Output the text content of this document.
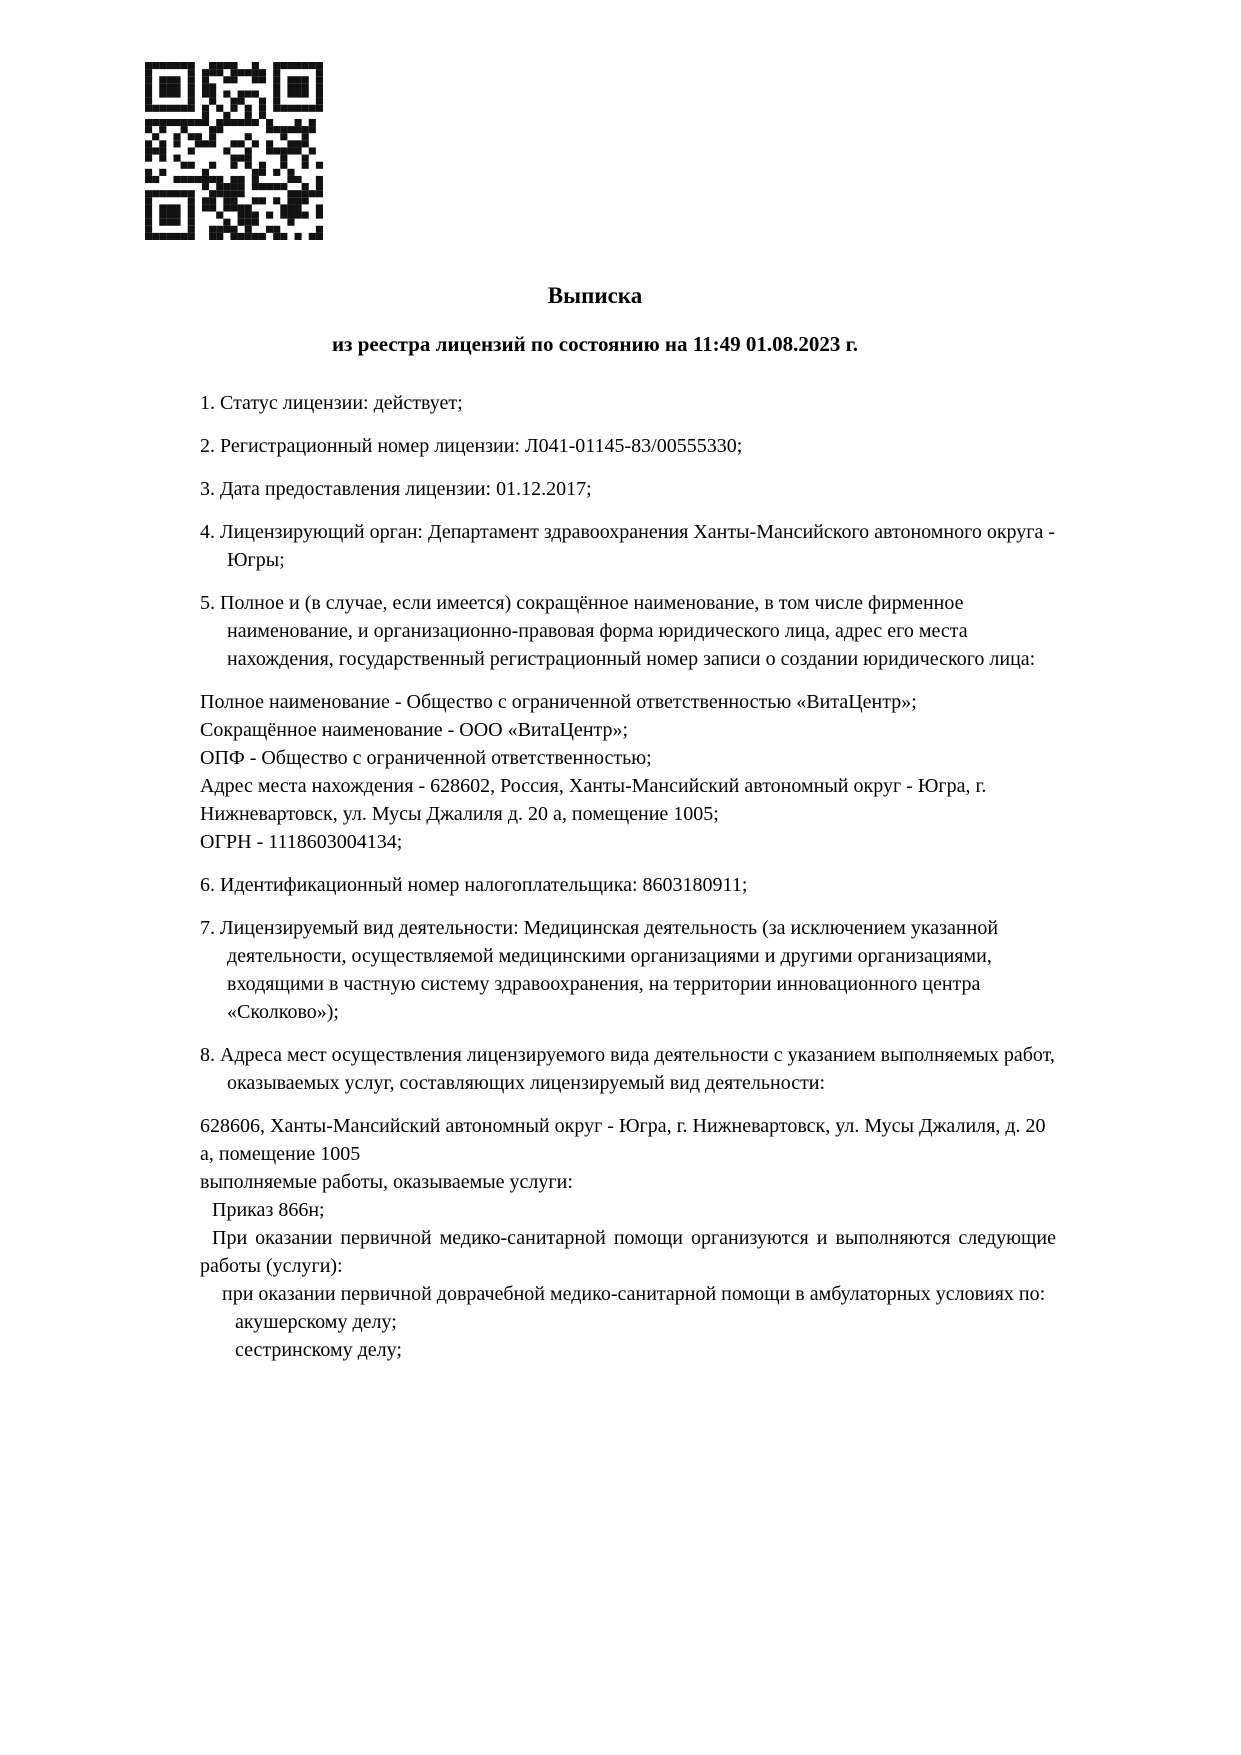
Выписка
из реестра лицензий по состоянию на 11:49 01.08.2023 г.
1. Статус лицензии: действует;
2. Регистрационный номер лицензии: Л041-01145-83/00555330;
3. Дата предоставления лицензии: 01.12.2017;
4. Лицензирующий орган: Департамент здравоохранения Ханты-Мансийского автономного округа - Югры;
5. Полное и (в случае, если имеется) сокращённое наименование, в том числе фирменное наименование, и организационно-правовая форма юридического лица, адрес его места нахождения, государственный регистрационный номер записи о создании юридического лица:
Полное наименование - Общество с ограниченной ответственностью «ВитаЦентр»;
Сокращённое наименование - ООО «ВитаЦентр»;
ОПФ - Общество с ограниченной ответственностью;
Адрес места нахождения - 628602, Россия, Ханты-Мансийский автономный округ - Югра, г. Нижневартовск, ул. Мусы Джалиля д. 20 а, помещение 1005;
ОГРН - 1118603004134;
6. Идентификационный номер налогоплательщика: 8603180911;
7. Лицензируемый вид деятельности: Медицинская деятельность (за исключением указанной деятельности, осуществляемой медицинскими организациями и другими организациями, входящими в частную систему здравоохранения, на территории инновационного центра «Сколково»);
8. Адреса мест осуществления лицензируемого вида деятельности с указанием выполняемых работ, оказываемых услуг, составляющих лицензируемый вид деятельности:
628606, Ханты-Мансийский автономный округ - Югра, г. Нижневартовск, ул. Мусы Джалиля, д. 20 а, помещение 1005
выполняемые работы, оказываемые услуги:
Приказ 866н;
При оказании первичной медико-санитарной помощи организуются и выполняются следующие работы (услуги):
при оказании первичной доврачебной медико-санитарной помощи в амбулаторных условиях по:
акушерскому делу;
сестринскому делу;
